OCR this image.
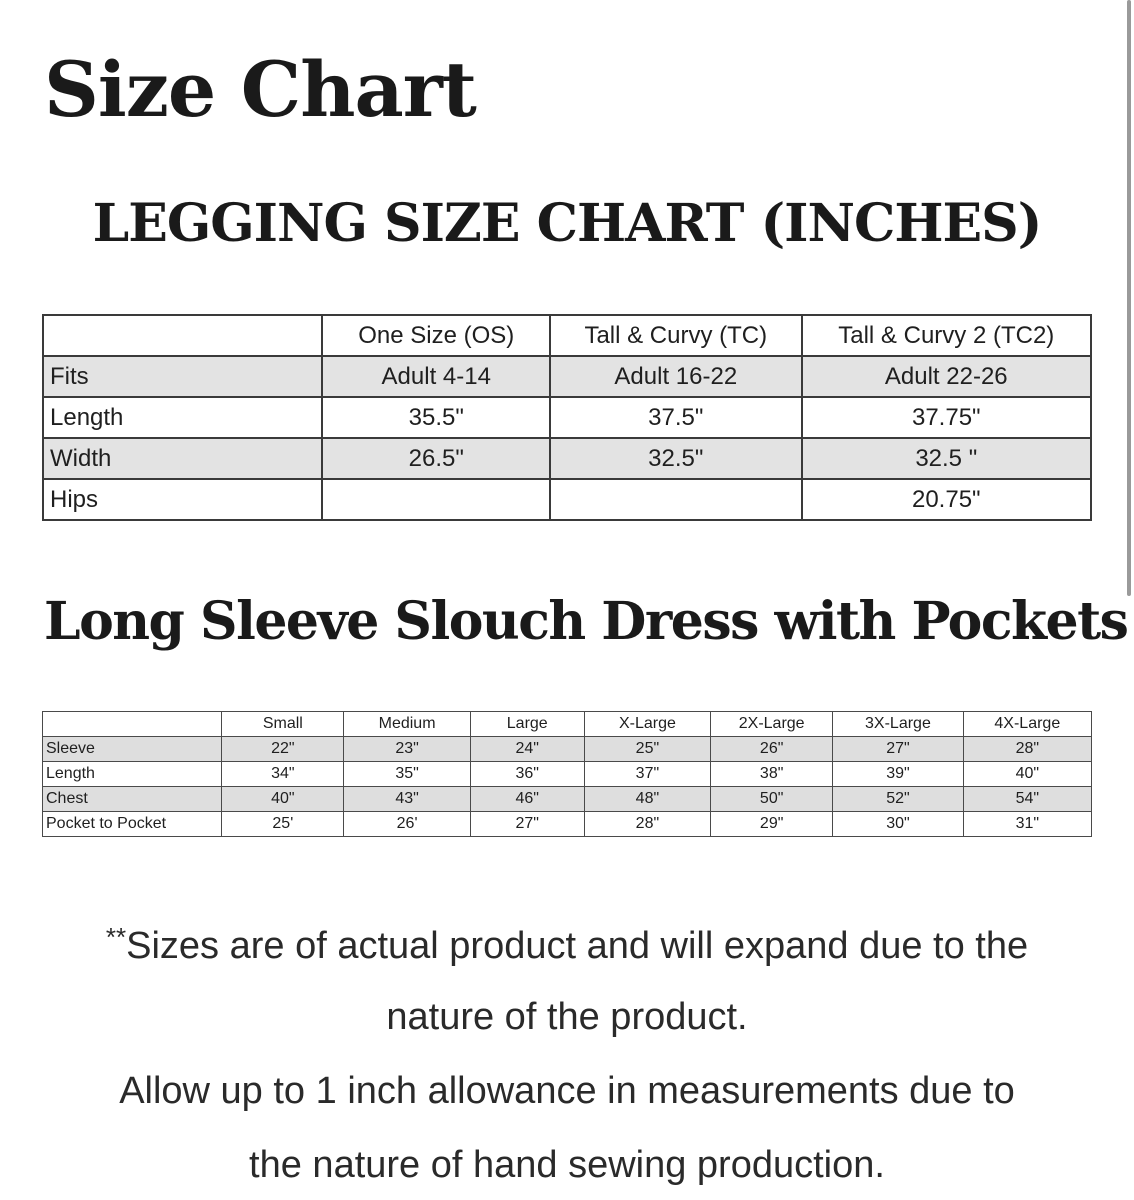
Size Chart
LEGGING SIZE CHART (INCHES)
	One Size (OS)	Tall & Curvy (TC)	Tall & Curvy 2 (TC2)
Fits	Adult 4-14	Adult 16-22	Adult 22-26
Length	35.5"	37.5"	37.75"
Width	26.5"	32.5"	32.5 "
Hips			20.75"
Long Sleeve Slouch Dress with Pockets
	Small	Medium	Large	X-Large	2X-Large	3X-Large	4X-Large
Sleeve	22"	23"	24"	25"	26"	27"	28"
Length	34"	35"	36"	37"	38"	39"	40"
Chest	40"	43"	46"	48"	50"	52"	54"
Pocket to Pocket	25'	26'	27"	28"	29"	30"	31"

**Sizes are of actual product and will expand due to the

nature of the product.

Allow up to 1 inch allowance in measurements due to

the nature of hand sewing production.
